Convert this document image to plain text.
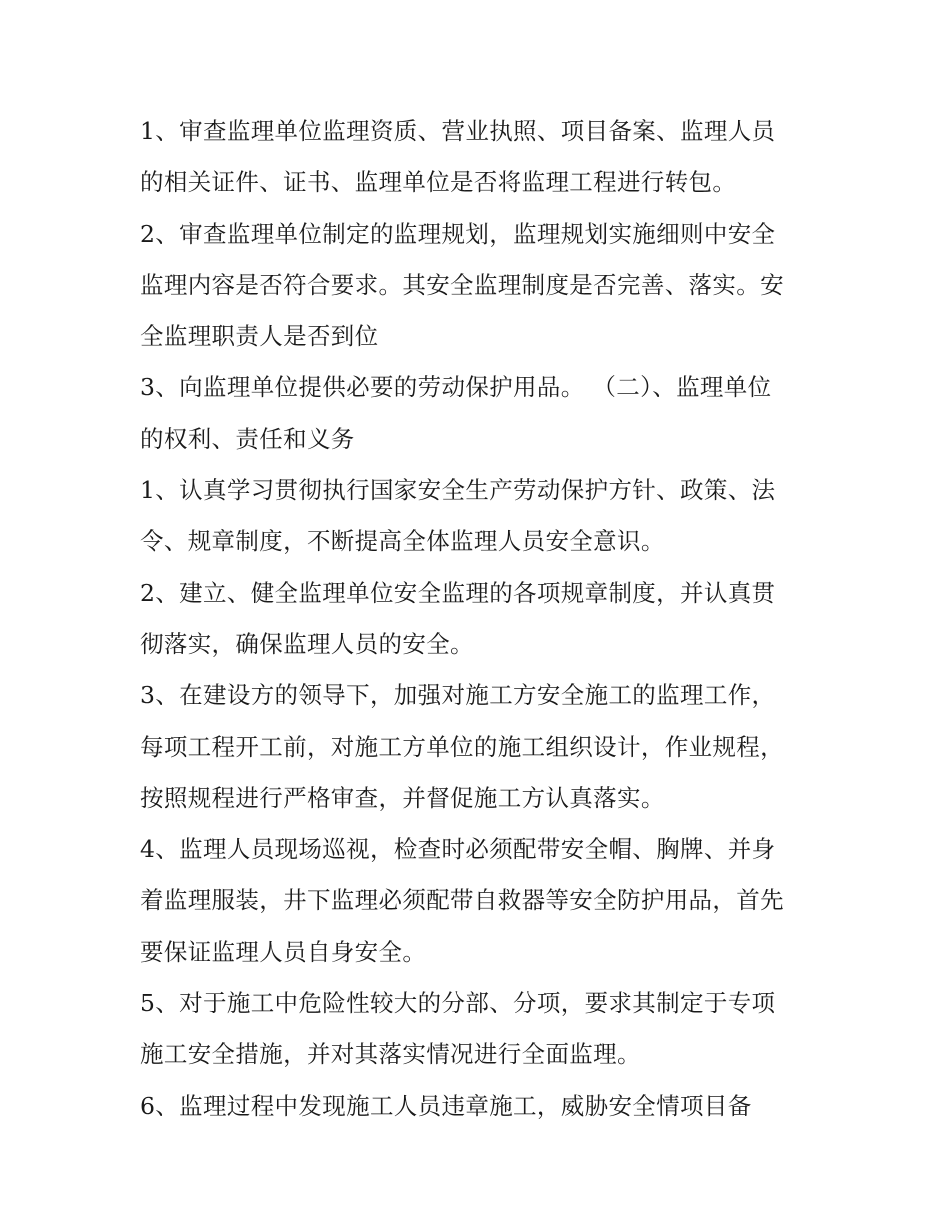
1、审查监理单位监理资质、营业执照、项目备案、监理人员
的相关证件、证书、监理单位是否将监理工程进行转包。
2、审查监理单位制定的监理规划，监理规划实施细则中安全
监理内容是否符合要求。其安全监理制度是否完善、落实。安
全监理职责人是否到位
3、向监理单位提供必要的劳动保护用品。 （二）、监理单位
的权利、责任和义务
1、认真学习贯彻执行国家安全生产劳动保护方针、政策、法
令、规章制度，不断提高全体监理人员安全意识。
2、建立、健全监理单位安全监理的各项规章制度，并认真贯
彻落实，确保监理人员的安全。
3、在建设方的领导下，加强对施工方安全施工的监理工作，
每项工程开工前，对施工方单位的施工组织设计，作业规程，
按照规程进行严格审查，并督促施工方认真落实。
4、监理人员现场巡视，检查时必须配带安全帽、胸牌、并身
着监理服装，井下监理必须配带自救器等安全防护用品，首先
要保证监理人员自身安全。
5、对于施工中危险性较大的分部、分项，要求其制定于专项
施工安全措施，并对其落实情况进行全面监理。
6、监理过程中发现施工人员违章施工，威胁安全情项目备
